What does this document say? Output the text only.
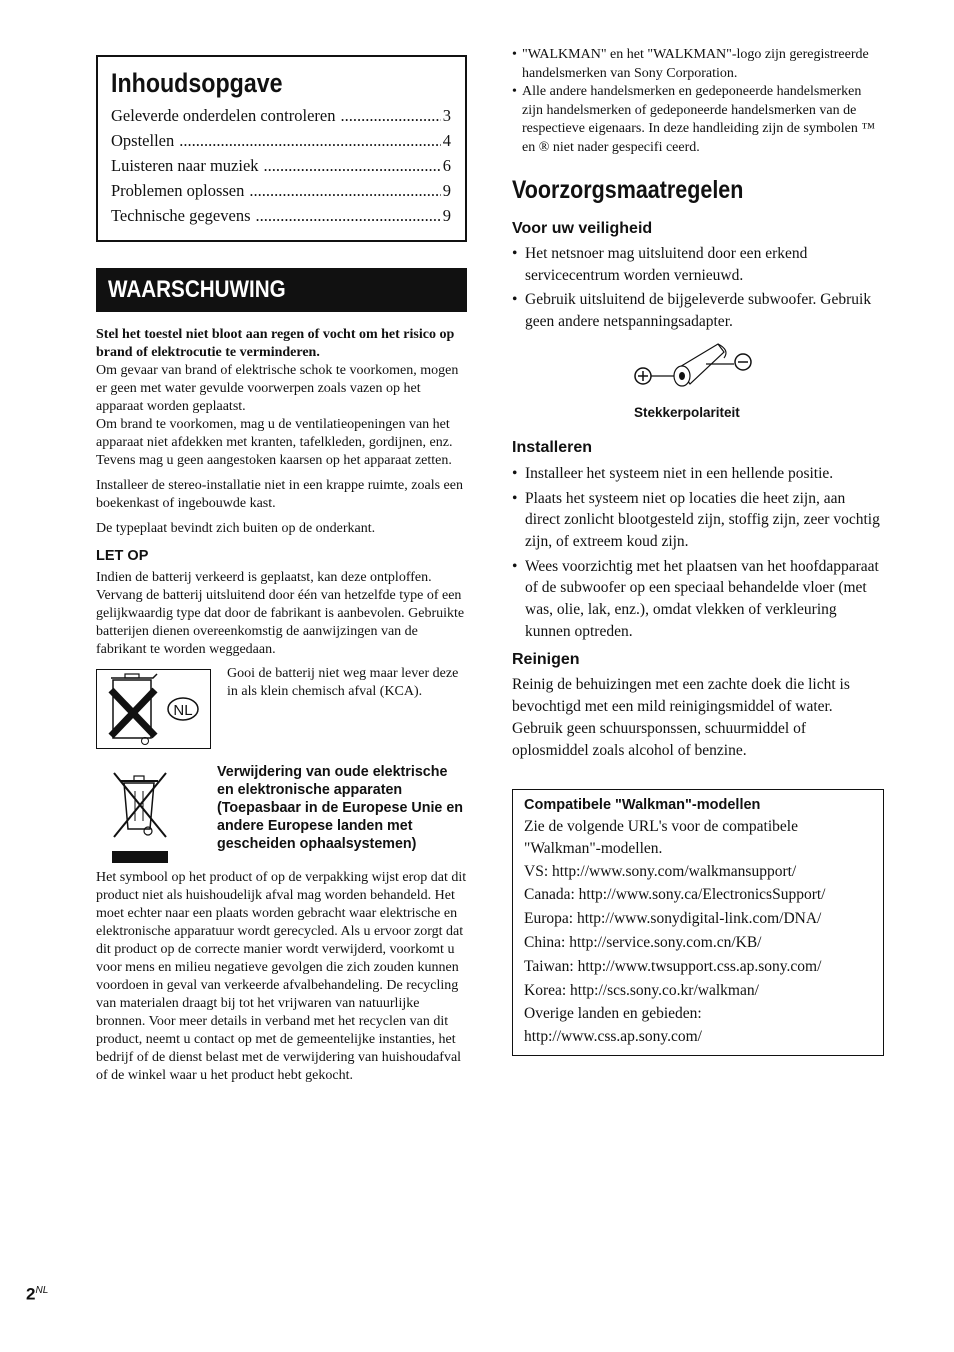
Inhoudsopgave
Geleverde onderdelen controleren .....	3
Opstellen .....	4
Luisteren naar muziek .....	6
Problemen oplossen .....	9
Technische gegevens .....	9
WAARSCHUWING

Stel het toestel niet bloot aan regen of vocht om het risico op brand of elektrocutie te verminderen.

Om gevaar van brand of elektrische schok te voorkomen, mogen er geen met water gevulde voorwerpen zoals vazen op het apparaat worden geplaatst.

Om brand te voorkomen, mag u de ventilatieopeningen van het apparaat niet afdekken met kranten, tafelkleden, gordijnen, enz. Tevens mag u geen aangestoken kaarsen op het apparaat zetten.

Installeer de stereo-installatie niet in een krappe ruimte, zoals een boekenkast of ingebouwde kast.

De typeplaat bevindt zich buiten op de onderkant.

LET OP

Indien de batterij verkeerd is geplaatst, kan deze ontploffen. Vervang de batterij uitsluitend door één van hetzelfde type of een gelijkwaardig type dat door de fabrikant is aanbevolen. Gebruikte batterijen dienen overeenkomstig de aanwijzingen van de fabrikant te worden weggedaan.

NL

Gooi de batterij niet weg maar lever deze in als klein chemisch afval (KCA).

Verwijdering van oude elektrische en elektronische apparaten (Toepasbaar in de Europese Unie en andere Europese landen met gescheiden ophaalsystemen)

Het symbool op het product of op de verpakking wijst erop dat dit product niet als huishoudelijk afval mag worden behandeld. Het moet echter naar een plaats worden gebracht waar elektrische en elektronische apparatuur wordt gerecycled. Als u ervoor zorgt dat dit product op de correcte manier wordt verwijderd, voorkomt u voor mens en milieu negatieve gevolgen die zich zouden kunnen voordoen in geval van verkeerde afvalbehandeling. De recycling van materialen draagt bij tot het vrijwaren van natuurlijke bronnen. Voor meer details in verband met het recyclen van dit product, neemt u contact op met de gemeentelijke instanties, het bedrijf of de dienst belast met de verwijdering van huishoudafval of de winkel waar u het product hebt gekocht.

• "WALKMAN" en het "WALKMAN"-logo zijn geregistreerde handelsmerken van Sony Corporation.
• Alle andere handelsmerken en gedeponeerde handelsmerken zijn handelsmerken of gedeponeerde handelsmerken van de respectieve eigenaars. In deze handleiding zijn de symbolen ™ en ® niet nader gespecifi ceerd.
Voorzorgsmaatregelen
Voor uw veiligheid
• Het netsnoer mag uitsluitend door een erkend servicecentrum worden vernieuwd.
• Gebruik uitsluitend de bijgeleverde subwoofer. Gebruik geen andere netspanningsadapter.
Stekkerpolariteit
Installeren
• Installeer het systeem niet in een hellende positie.
• Plaats het systeem niet op locaties die heet zijn, aan direct zonlicht blootgesteld zijn, stoffig zijn, zeer vochtig zijn, of extreem koud zijn.
• Wees voorzichtig met het plaatsen van het hoofdapparaat of de subwoofer op een speciaal behandelde vloer (met was, olie, lak, enz.), omdat vlekken of verkleuring kunnen optreden.
Reinigen

Reinig de behuizingen met een zachte doek die licht is bevochtigd met een mild reinigingsmiddel of water. Gebruik geen schuursponssen, schuurmiddel of oplosmiddel zoals alcohol of benzine.

Compatibele "Walkman"-modellen

Zie de volgende URL's voor de compatibele "Walkman"-modellen.

VS: http://www.sony.com/walkmansupport/
Canada: http://www.sony.ca/ElectronicsSupport/
Europa: http://www.sonydigital-link.com/DNA/
China: http://service.sony.com.cn/KB/
Taiwan: http://www.twsupport.css.ap.sony.com/
Korea: http://scs.sony.co.kr/walkman/
Overige landen en gebieden:
http://www.css.ap.sony.com/
$2^{NL}$
